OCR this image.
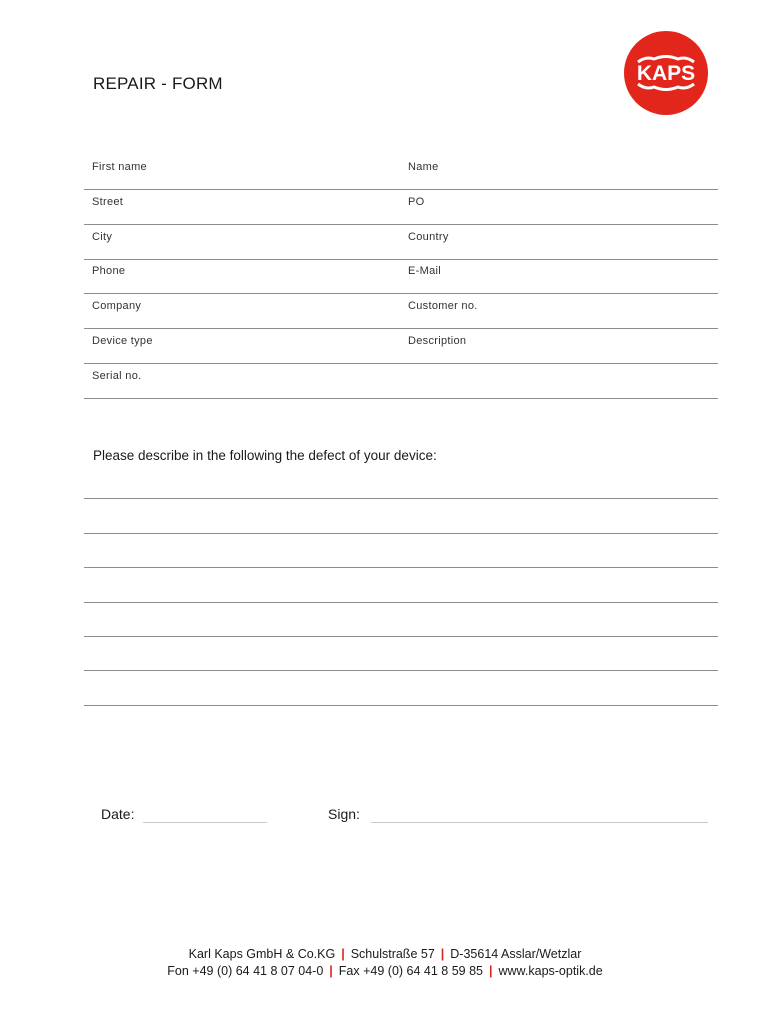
REPAIR - FORM	KAPS
First name	Name
Street	PO
City	Country
Phone	E-Mail
Company	Customer no.
Device type	Description
Serial no.
Please describe in the following the defect of your device:
Date:	Sign:
Karl Kaps GmbH & Co.KG | Schulstraße 57 | D-35614 Asslar/Wetzlar
Fon +49 (0) 64 41 8 07 04-0 | Fax +49 (0) 64 41 8 59 85 | www.kaps-optik.de
